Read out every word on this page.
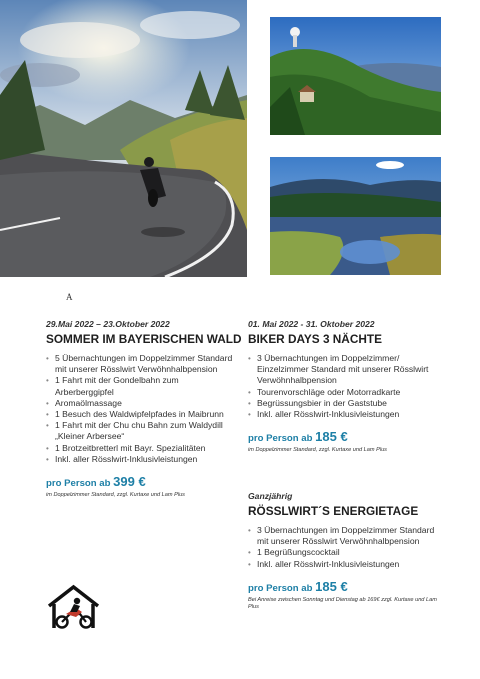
A

29.Mai 2022 – 23.Oktober 2022

SOMMER IM BAYERISCHEN WALD
• 5 Übernachtungen im Doppelzimmer Standard mit unserer Rösslwirt Verwöhnhalbpension
• 1 Fahrt mit der Gondelbahn zum Arberberggipfel
• Aromaölmassage
• 1 Besuch des Waldwipfelpfades in Maibrunn
• 1 Fahrt mit der Chu chu Bahn zum Waldydill „Kleiner Arbersee“
• 1 Brotzeitbretterl mit Bayr. Spezialitäten
• Inkl. aller Rösslwirt-Inklusivleistungen
pro Person ab 399 €
im Doppelzimmer Standard, zzgl. Kurtaxe und Lam Plus

01. Mai 2022 - 31. Oktober 2022

BIKER DAYS 3 NÄCHTE
• 3 Übernachtungen im Doppelzimmer/ Einzelzimmer Standard mit unserer Rösslwirt Verwöhnhalbpension
• Tourenvorschläge oder Motorradkarte
• Begrüssungsbier in der Gaststube
• Inkl. aller Rösslwirt-Inklusivleistungen
pro Person ab 185 €
im Doppelzimmer Standard, zzgl. Kurtaxe und Lam Plus

Ganzjährig

RÖSSLWIRT´S ENERGIETAGE
• 3 Übernachtungen im Doppelzimmer Standard mit unserer Rösslwirt Verwöhnhalbpension
• 1 Begrüßungscocktail
• Inkl. aller Rösslwirt-Inklusivleistungen
pro Person ab 185 €
Bei Anreise zwischen Sonntag und Dienstag ab 169€ zzgl. Kurtaxe und Lam Plus
